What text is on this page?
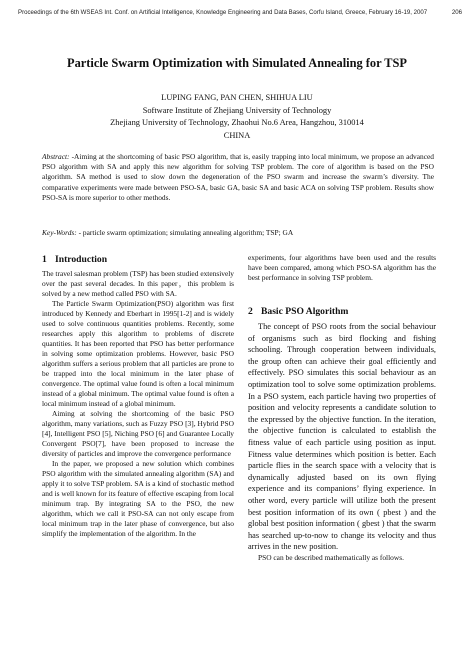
Proceedings of the 6th WSEAS Int. Conf. on Artificial Intelligence, Knowledge Engineering and Data Bases, Corfu Island, Greece, February 16-19, 2007	206
Particle Swarm Optimization with Simulated Annealing for TSP
LUPING FANG, PAN CHEN, SHIHUA LIU
Software Institute of Zhejiang University of Technology
Zhejiang University of Technology, Zhaohui No.6 Area, Hangzhou, 310014
CHINA
Abstract: -Aiming at the shortcoming of basic PSO algorithm, that is, easily trapping into local minimum, we propose an advanced PSO algorithm with SA and apply this new algorithm for solving TSP problem. The core of algorithm is based on the PSO algorithm. SA method is used to slow down the degeneration of the PSO swarm and increase the swarm’s diversity. The comparative experiments were made between PSO-SA, basic GA, basic SA and basic ACA on solving TSP problem. Results show PSO-SA is more superior to other methods.
Key-Words: - particle swarm optimization; simulating annealing algorithm; TSP; GA
1 Introduction

The travel salesman problem (TSP) has been studied extensively over the past several decades. In this paper，this problem is solved by a new method called PSO with SA.

The Particle Swarm Optimization(PSO) algorithm was first introduced by Kennedy and Eberhart in 1995[1-2] and is widely used to solve continuous quantities problems. Recently, some researches apply this algorithm to problems of discrete quantities. It has been reported that PSO has better performance in solving some optimization problems. However, basic PSO algorithm suffers a serious problem that all particles are prone to be trapped into the local minimum in the later phase of convergence. The optimal value found is often a local minimum instead of a global minimum. The optimal value found is often a local minimum instead of a global minimum.

Aiming at solving the shortcoming of the basic PSO algorithm, many variations, such as Fuzzy PSO [3], Hybrid PSO [4], Intelligent PSO [5], Niching PSO [6] and Guarantee Locally Convergent PSO[7], have been proposed to increase the diversity of particles and improve the convergence performance

In the paper, we proposed a new solution which combines PSO algorithm with the simulated annealing algorithm (SA) and apply it to solve TSP problem. SA is a kind of stochastic method and is well known for its feature of effective escaping from local minimum trap. By integrating SA to the PSO, the new algorithm, which we call it PSO-SA can not only escape from local minimum trap in the later phase of convergence, but also simplify the implementation of the algorithm. In the

experiments, four algorithms have been used and the results have been compared, among which PSO-SA algorithm has the best performance in solving TSP problem.

2 Basic PSO Algorithm

The concept of PSO roots from the social behaviour of organisms such as bird flocking and fishing schooling. Through cooperation between individuals, the group often can achieve their goal efficiently and effectively. PSO simulates this social behaviour as an optimization tool to solve some optimization problems. In a PSO system, each particle having two properties of position and velocity represents a candidate solution to the expressed by the objective function. In the iteration, the objective function is calculated to establish the fitness value of each particle using position as input. Fitness value determines which position is better. Each particle flies in the search space with a velocity that is dynamically adjusted based on its own flying experience and its companions’ flying experience. In other word, every particle will utilize both the present best position information of its own ( pbest ) and the global best position information ( gbest ) that the swarm has searched up-to-now to change its velocity and thus arrives in the new position.

PSO can be described mathematically as follows.
